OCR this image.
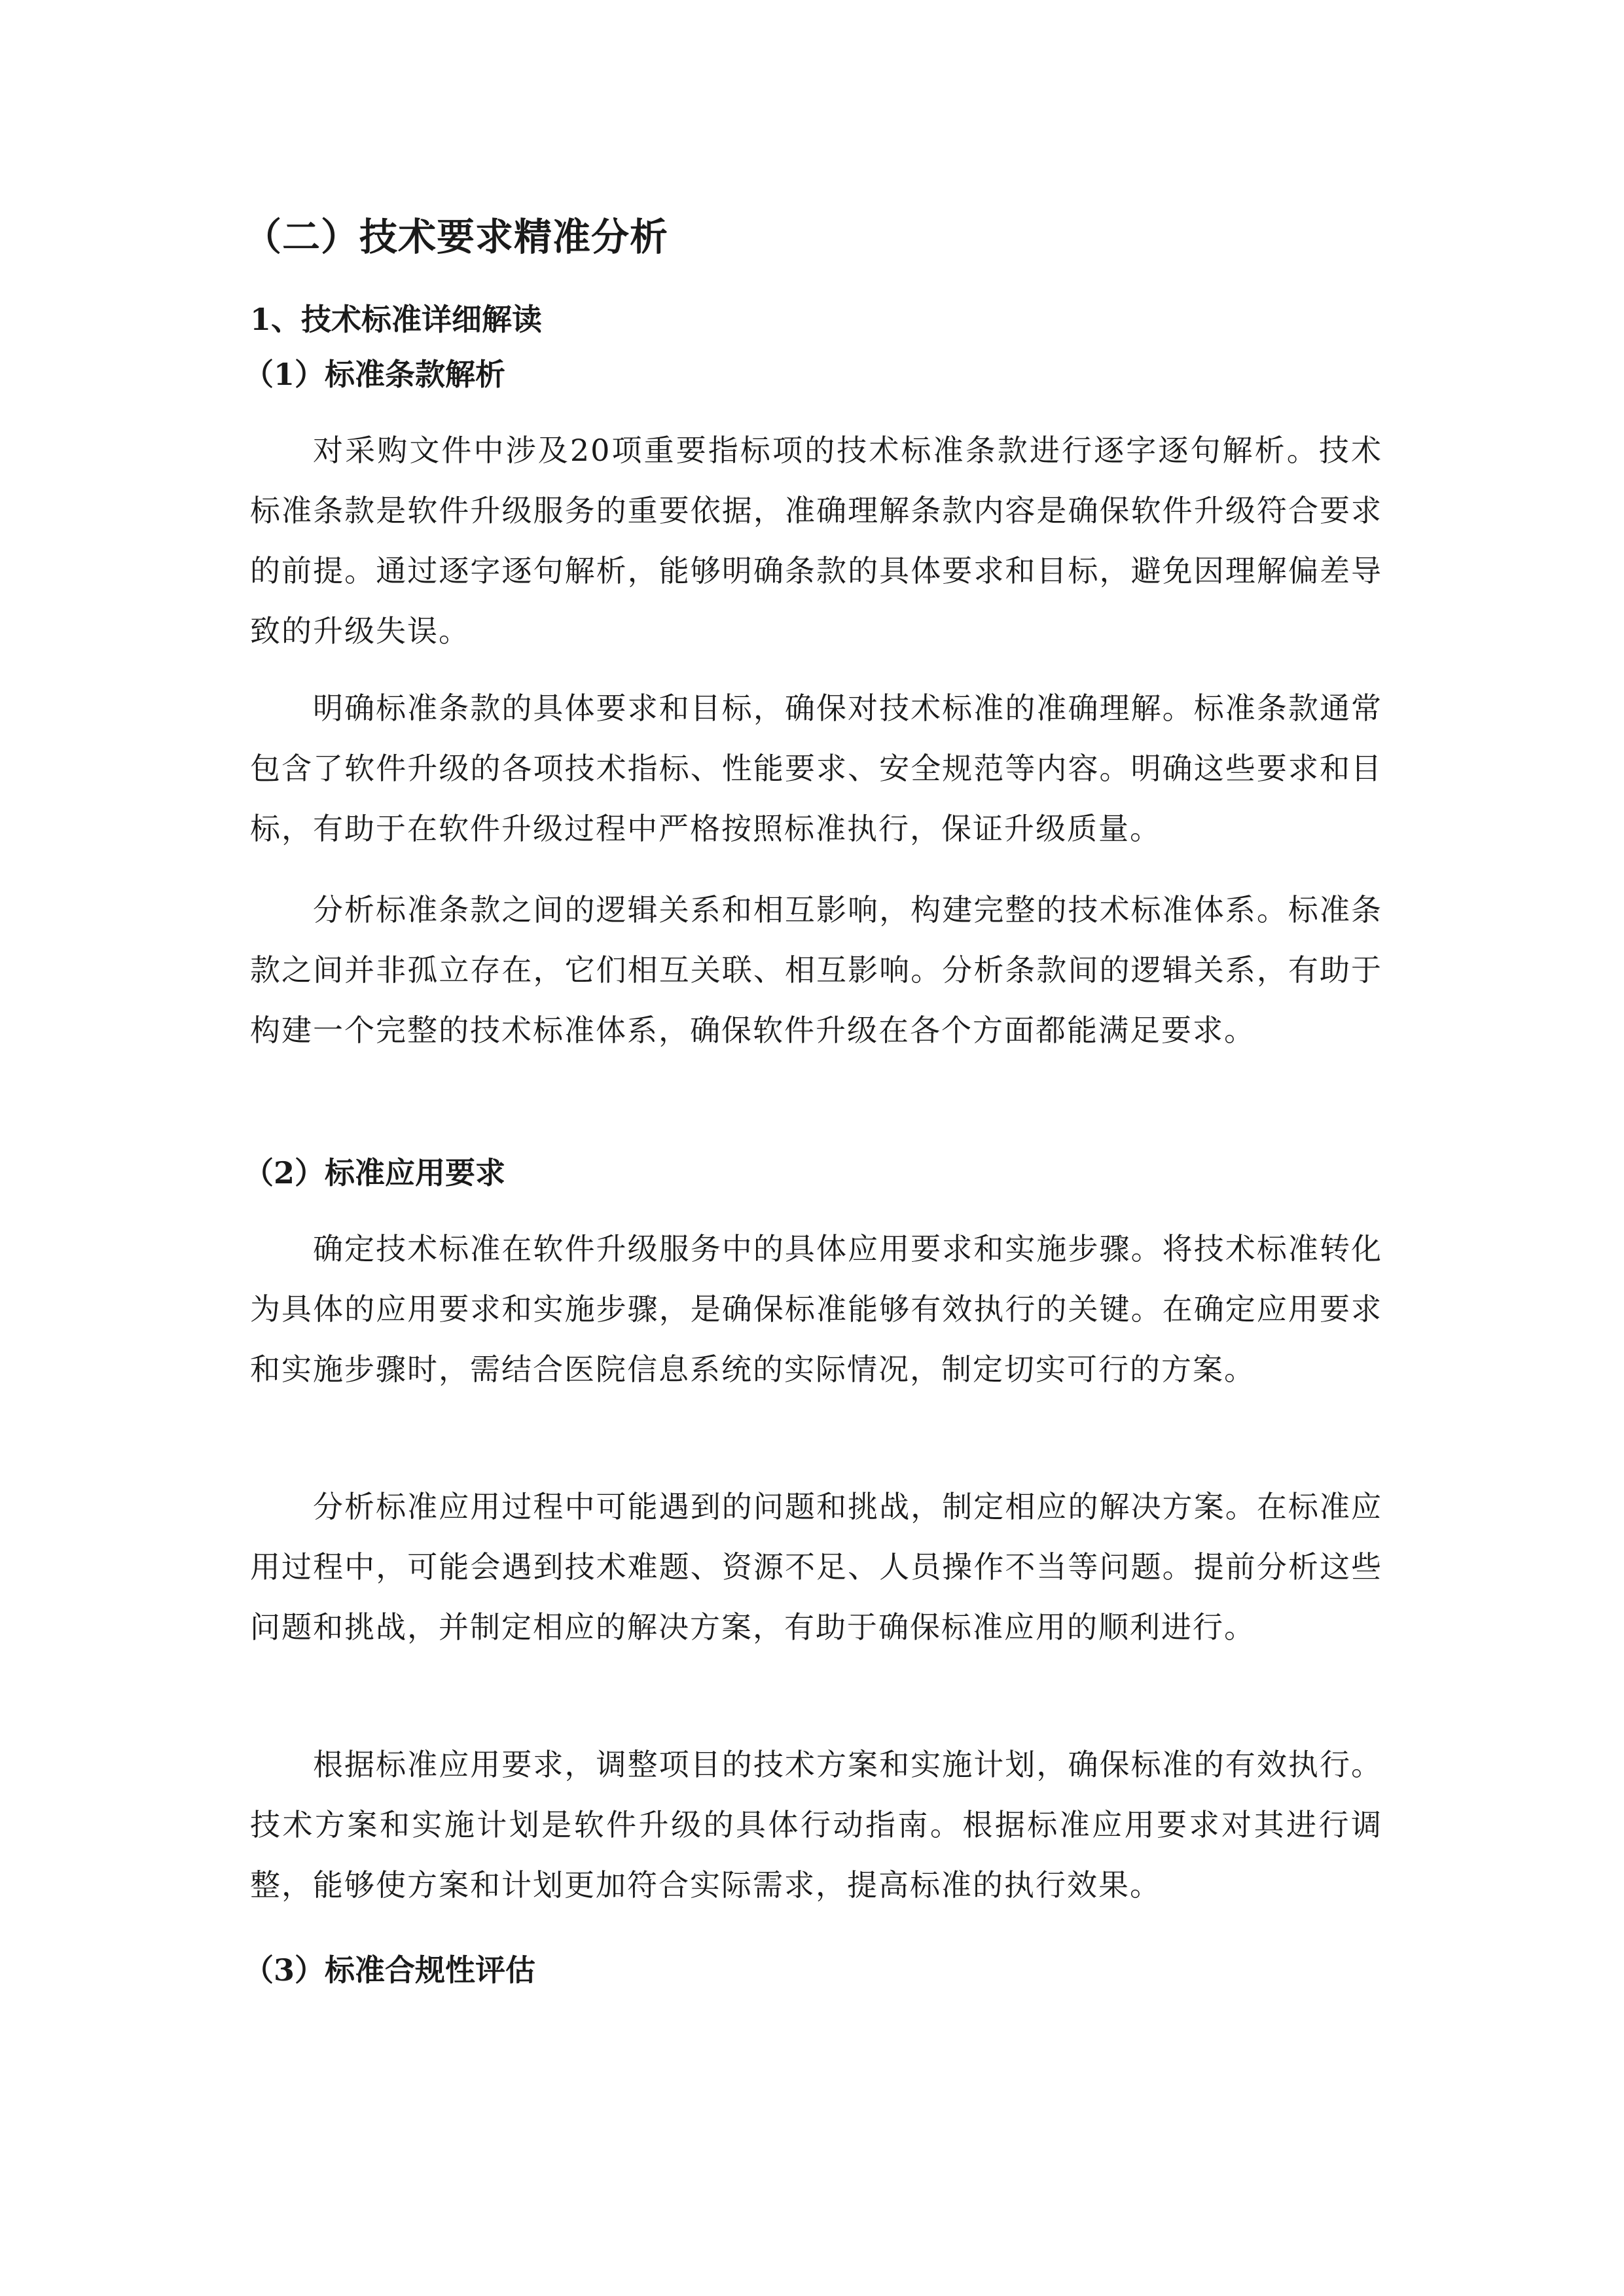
（二）技术要求精准分析
1、技术标准详细解读
（1）标准条款解析

对采购文件中涉及20项重要指标项的技术标准条款进行逐字逐句解析。技术标准条款是软件升级服务的重要依据，准确理解条款内容是确保软件升级符合要求的前提。通过逐字逐句解析，能够明确条款的具体要求和目标，避免因理解偏差导致的升级失误。

明确标准条款的具体要求和目标，确保对技术标准的准确理解。标准条款通常包含了软件升级的各项技术指标、性能要求、安全规范等内容。明确这些要求和目标，有助于在软件升级过程中严格按照标准执行，保证升级质量。

分析标准条款之间的逻辑关系和相互影响，构建完整的技术标准体系。标准条款之间并非孤立存在，它们相互关联、相互影响。分析条款间的逻辑关系，有助于构建一个完整的技术标准体系，确保软件升级在各个方面都能满足要求。

（2）标准应用要求

确定技术标准在软件升级服务中的具体应用要求和实施步骤。将技术标准转化为具体的应用要求和实施步骤，是确保标准能够有效执行的关键。在确定应用要求和实施步骤时，需结合医院信息系统的实际情况，制定切实可行的方案。

分析标准应用过程中可能遇到的问题和挑战，制定相应的解决方案。在标准应用过程中，可能会遇到技术难题、资源不足、人员操作不当等问题。提前分析这些问题和挑战，并制定相应的解决方案，有助于确保标准应用的顺利进行。

根据标准应用要求，调整项目的技术方案和实施计划，确保标准的有效执行。技术方案和实施计划是软件升级的具体行动指南。根据标准应用要求对其进行调整，能够使方案和计划更加符合实际需求，提高标准的执行效果。

（3）标准合规性评估
